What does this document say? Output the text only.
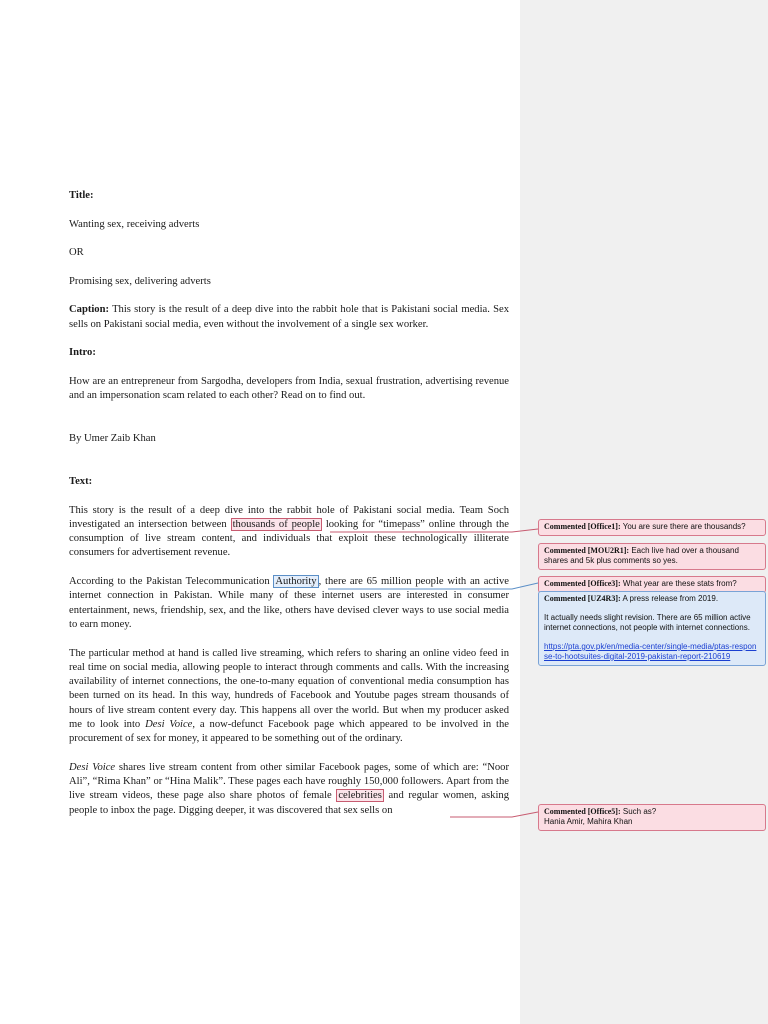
Title:

Wanting sex, receiving adverts

OR

Promising sex, delivering adverts

Caption: This story is the result of a deep dive into the rabbit hole that is Pakistani social media. Sex sells on Pakistani social media, even without the involvement of a single sex worker.

Intro:

How are an entrepreneur from Sargodha, developers from India, sexual frustration, advertising revenue and an impersonation scam related to each other? Read on to find out.

By Umer Zaib Khan

Text:

This story is the result of a deep dive into the rabbit hole of Pakistani social media. Team Soch investigated an intersection between thousands of people looking for “timepass” online through the consumption of live stream content, and individuals that exploit these technologically illiterate consumers for advertisement revenue.

According to the Pakistan Telecommunication Authority , there are 65 million people with an active internet connection in Pakistan. While many of these internet users are interested in consumer entertainment, news, friendship, sex, and the like, others have devised clever ways to use social media to earn money.

The particular method at hand is called live streaming, which refers to sharing an online video feed in real time on social media, allowing people to interact through comments and calls. With the increasing availability of internet connections, the one-to-many equation of conventional media consumption has been turned on its head. In this way, hundreds of Facebook and Youtube pages stream thousands of hours of live stream content every day. This happens all over the world. But when my producer asked me to look into Desi Voice, a now-defunct Facebook page which appeared to be involved in the procurement of sex for money, it appeared to be something out of the ordinary.

Desi Voice shares live stream content from other similar Facebook pages, some of which are: “Noor Ali”, “Rima Khan” or “Hina Malik”. These pages each have roughly 150,000 followers. Apart from the live stream videos, these page also share photos of female celebrities and regular women, asking people to inbox the page. Digging deeper, it was discovered that sex sells on

Commented [Office1]: You are sure there are thousands?
Commented [MOU2R1]: Each live had over a thousand shares and 5k plus comments so yes.
Commented [Office3]: What year are these stats from?
Commented [UZ4R3]: A press release from 2019.
It actually needs slight revision. There are 65 million active internet connections, not people with internet connections.
https://pta.gov.pk/en/media-center/single-media/ptas-response-to-hootsuites-digital-2019-pakistan-report-210619
Commented [Office5]: Such as?
Hania Amir, Mahira Khan
